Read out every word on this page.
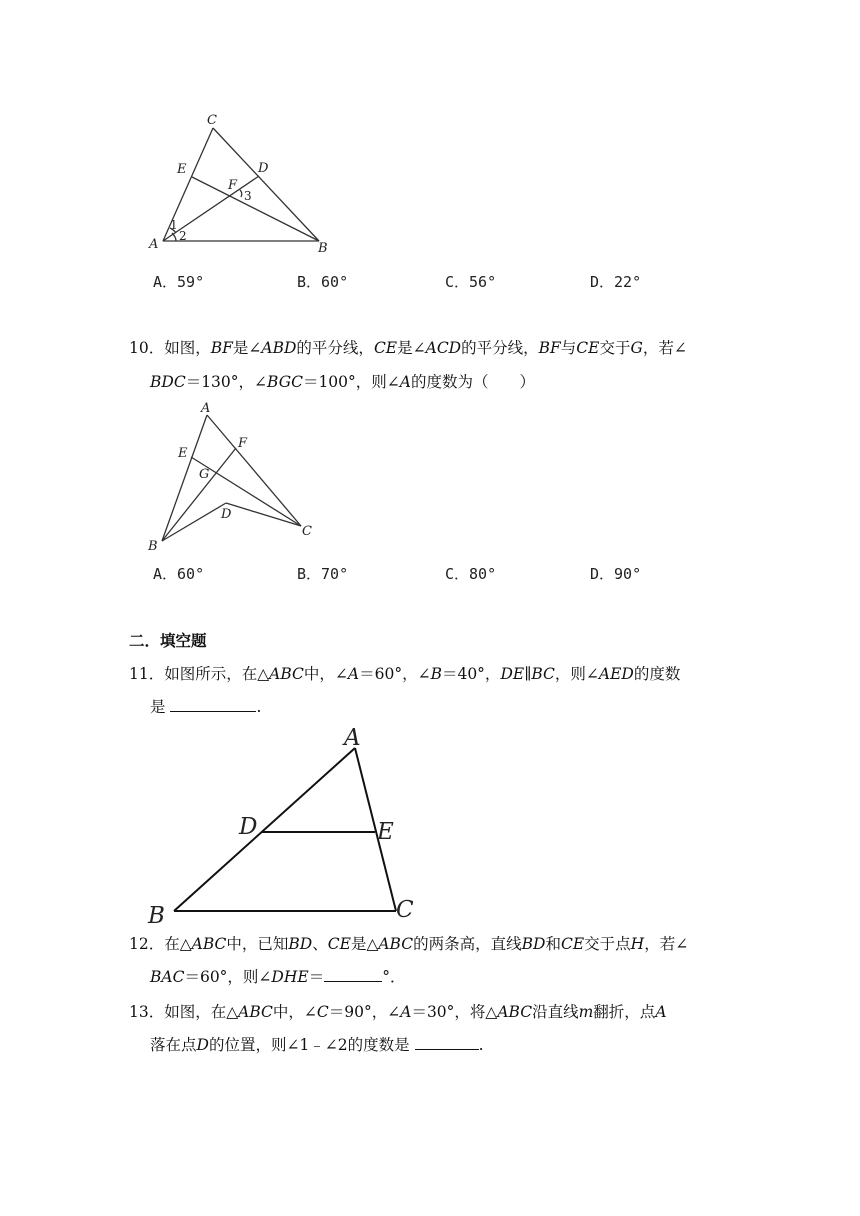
C
E	D
F
3
1
2
A	B
A．59°	B．60°	C．56°	D．22°
10．如图，BF是∠ABD的平分线，CE是∠ACD的平分线，BF与CE交于G，若∠
BDC＝130°，∠BGC＝100°，则∠A的度数为（　　）
A
E
F
G
D
B
C
A．60°	B．70°	C．80°	D．90°
二．填空题
11．如图所示，在△ABC中，∠A＝60°，∠B＝40°，DE∥BC，则∠AED的度数
是	.
A
D	E
B	C
12．在△ABC中，已知BD、CE是△ABC的两条高，直线BD和CE交于点H，若∠
BAC＝60°，则∠DHE＝	°．
13．如图，在△ABC中，∠C＝90°，∠A＝30°，将△ABC沿直线m翻折，点A
落在点D的位置，则∠1﹣∠2的度数是	.
